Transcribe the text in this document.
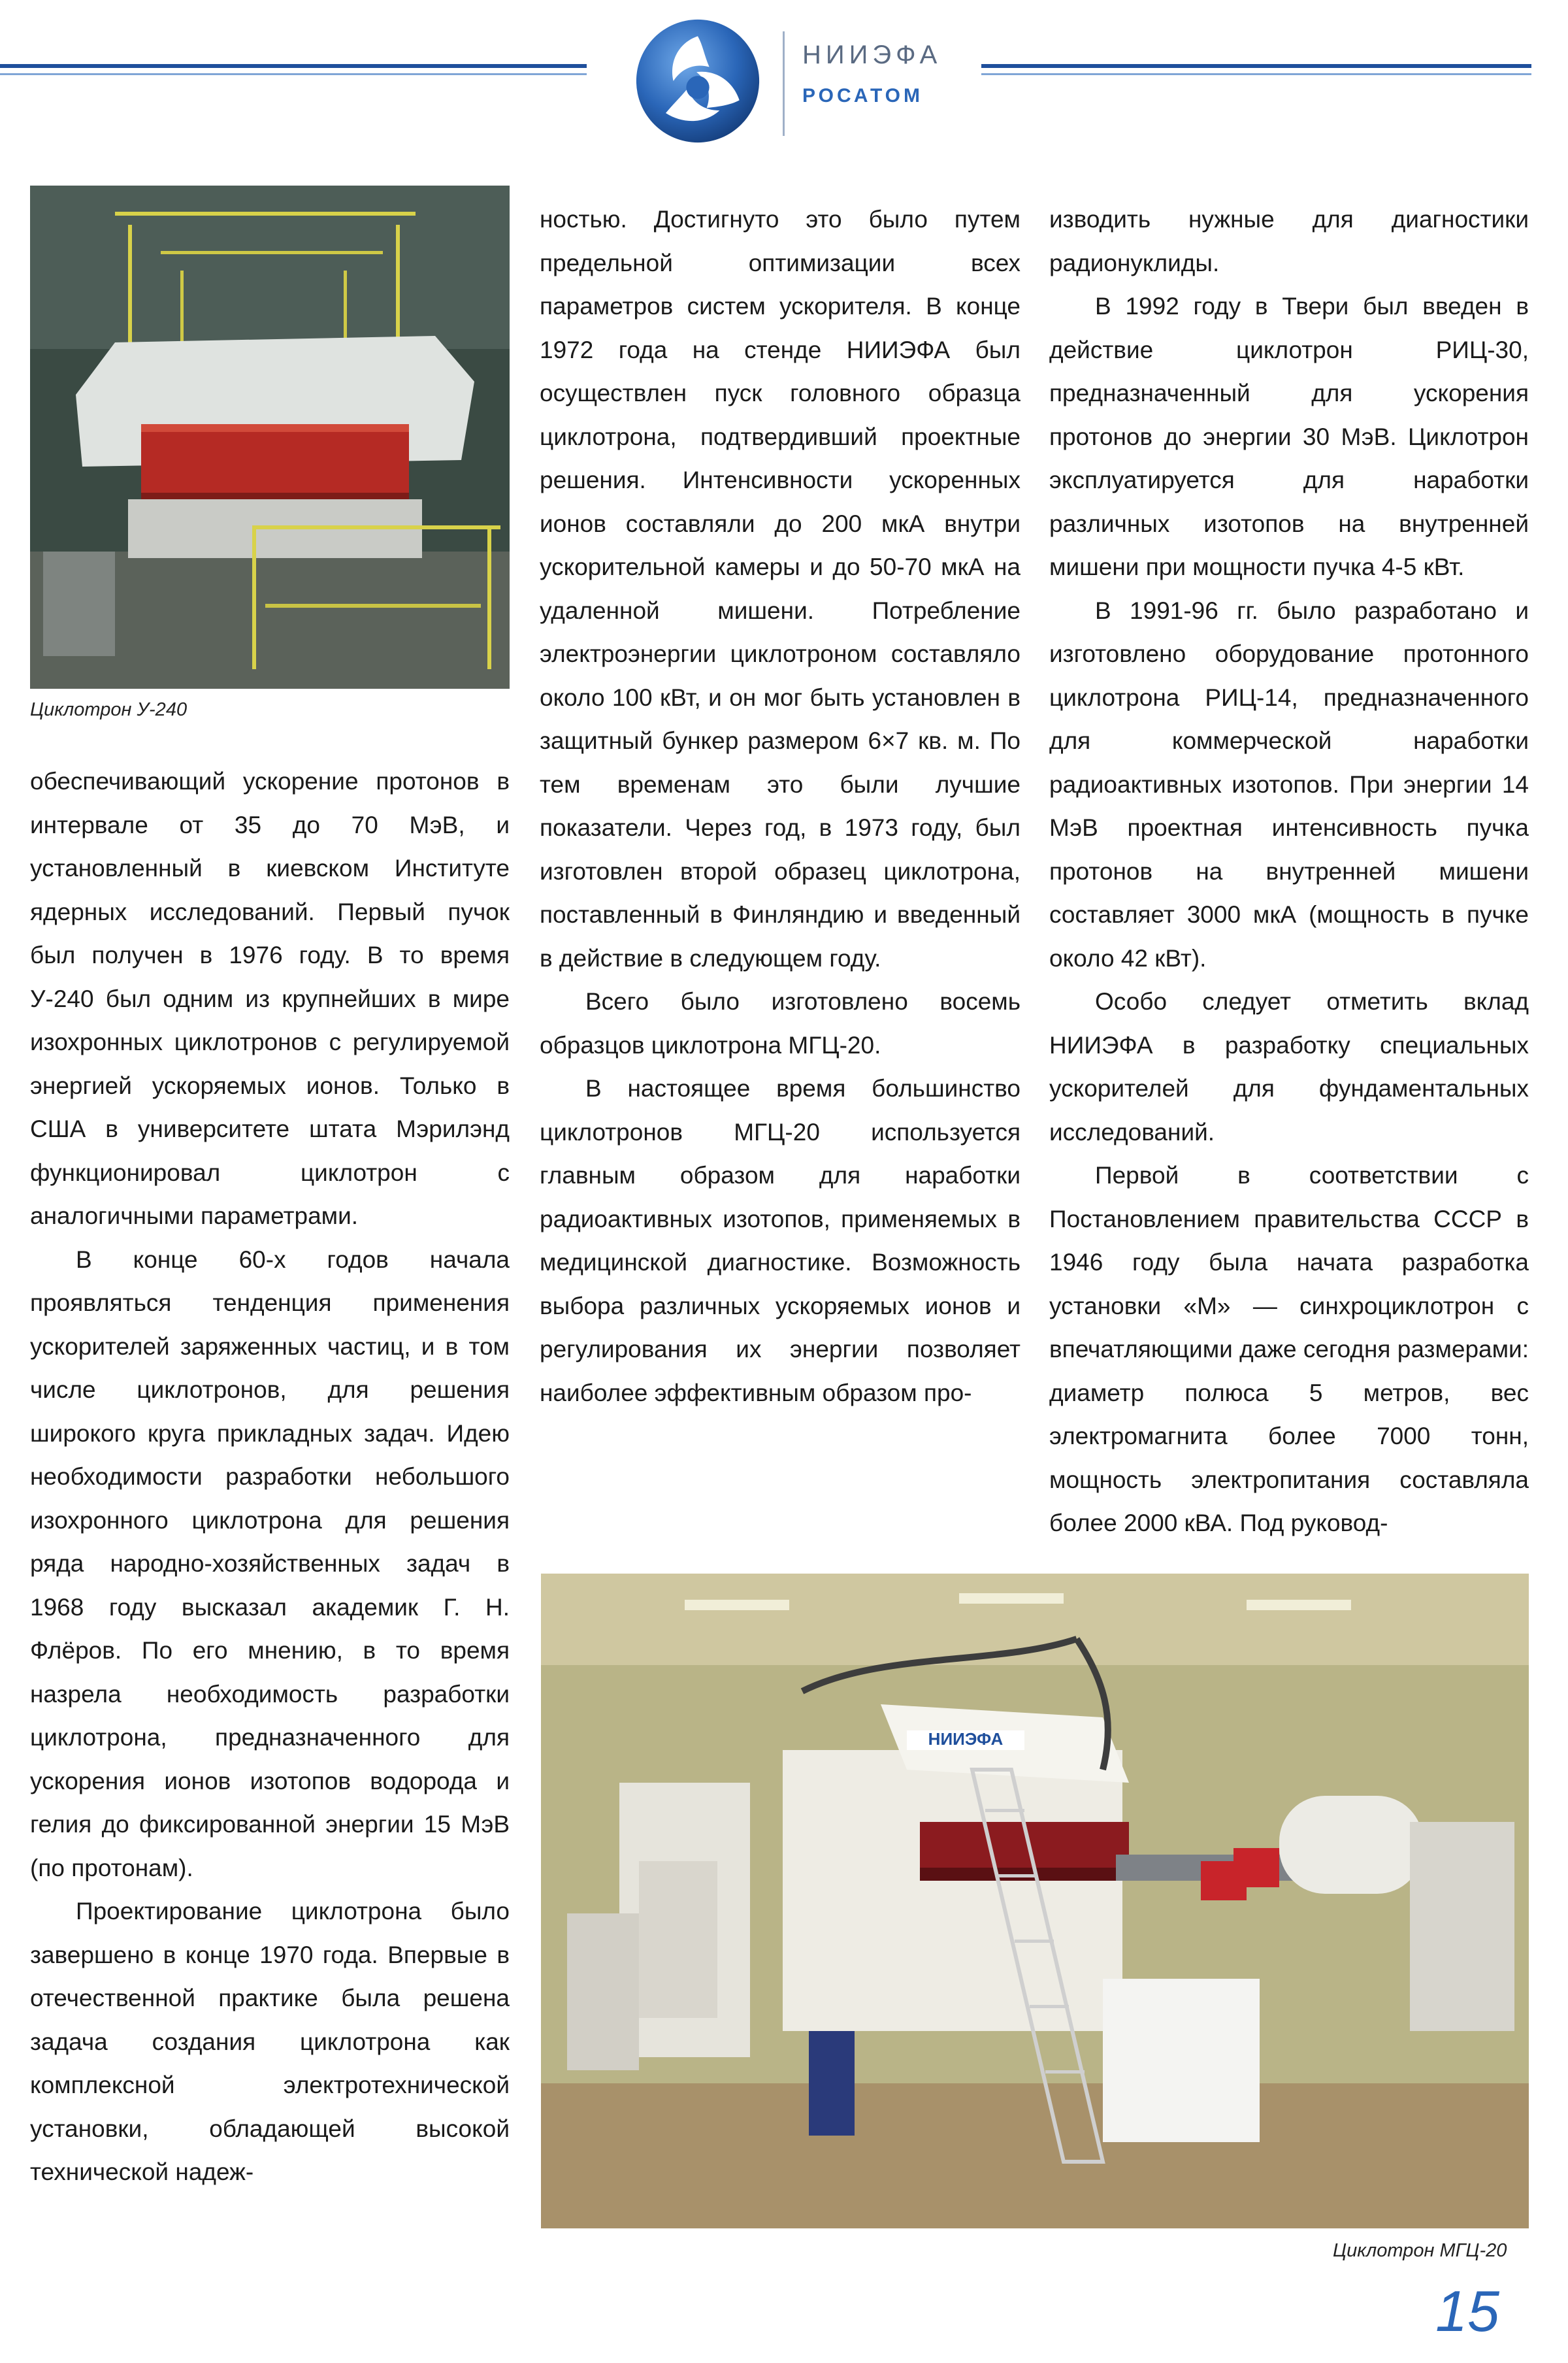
НИИЭФА
РОСАТОМ
Циклотрон У-240

обеспечивающий ускорение протонов в интервале от 35 до 70 МэВ, и установленный в киевском Институте ядерных исследований. Первый пучок был получен в 1976 году. В то время У-240 был одним из крупнейших в мире изохронных циклотронов с регулируемой энергией ускоряемых ионов. Только в США в университете штата Мэрилэнд функционировал циклотрон с аналогичными параметрами.

В конце 60-х годов начала проявляться тенденция применения ускорителей заряженных частиц, и в том числе циклотронов, для решения широкого круга прикладных задач. Идею необходимости разработки небольшого изохронного циклотрона для решения ряда народно-хозяйственных задач в 1968 году высказал академик Г. Н. Флёров. По его мнению, в то время назрела необходимость разработки циклотрона, предназначенного для ускорения ионов изотопов водорода и гелия до фиксированной энергии 15 МэВ (по протонам).

Проектирование циклотрона было завершено в конце 1970 года. Впервые в отечественной практике была решена задача создания циклотрона как комплексной электротехнической установки, обладающей высокой технической надеж-

ностью. Достигнуто это было путем предельной оптимизации всех параметров систем ускорителя. В конце 1972 года на стенде НИИЭФА был осуществлен пуск головного образца циклотрона, подтвердивший проектные решения. Интенсивности ускоренных ионов составляли до 200 мкА внутри ускорительной камеры и до 50-70 мкА на удаленной мишени. Потребление электроэнергии циклотроном составляло около 100 кВт, и он мог быть установлен в защитный бункер размером 6×7 кв. м. По тем временам это были лучшие показатели. Через год, в 1973 году, был изготовлен второй образец циклотрона, поставленный в Финляндию и введенный в действие в следующем году.

Всего было изготовлено восемь образцов циклотрона МГЦ-20.

В настоящее время большинство циклотронов МГЦ-20 используется главным образом для наработки радиоактивных изотопов, применяемых в медицинской диагностике. Возможность выбора различных ускоряемых ионов и регулирования их энергии позволяет наиболее эффективным образом про-

изводить нужные для диагностики радионуклиды.

В 1992 году в Твери был введен в действие циклотрон РИЦ-30, предназначенный для ускорения протонов до энергии 30 МэВ. Циклотрон эксплуатируется для наработки различных изотопов на внутренней мишени при мощности пучка 4-5 кВт.

В 1991-96 гг. было разработано и изготовлено оборудование протонного циклотрона РИЦ-14, предназначенного для коммерческой наработки радиоактивных изотопов. При энергии 14 МэВ проектная интенсивность пучка протонов на внутренней мишени составляет 3000 мкА (мощность в пучке около 42 кВт).

Особо следует отметить вклад НИИЭФА в разработку специальных ускорителей для фундаментальных исследований.

Первой в соответствии с Постановлением правительства СССР в 1946 году была начата разработка установки «М» — синхроциклотрон с впечатляющими даже сегодня размерами: диаметр полюса 5 метров, вес электромагнита более 7000 тонн, мощность электропитания составляла более 2000 кВА. Под руковод-

НИИЭФА
Циклотрон МГЦ-20
15
